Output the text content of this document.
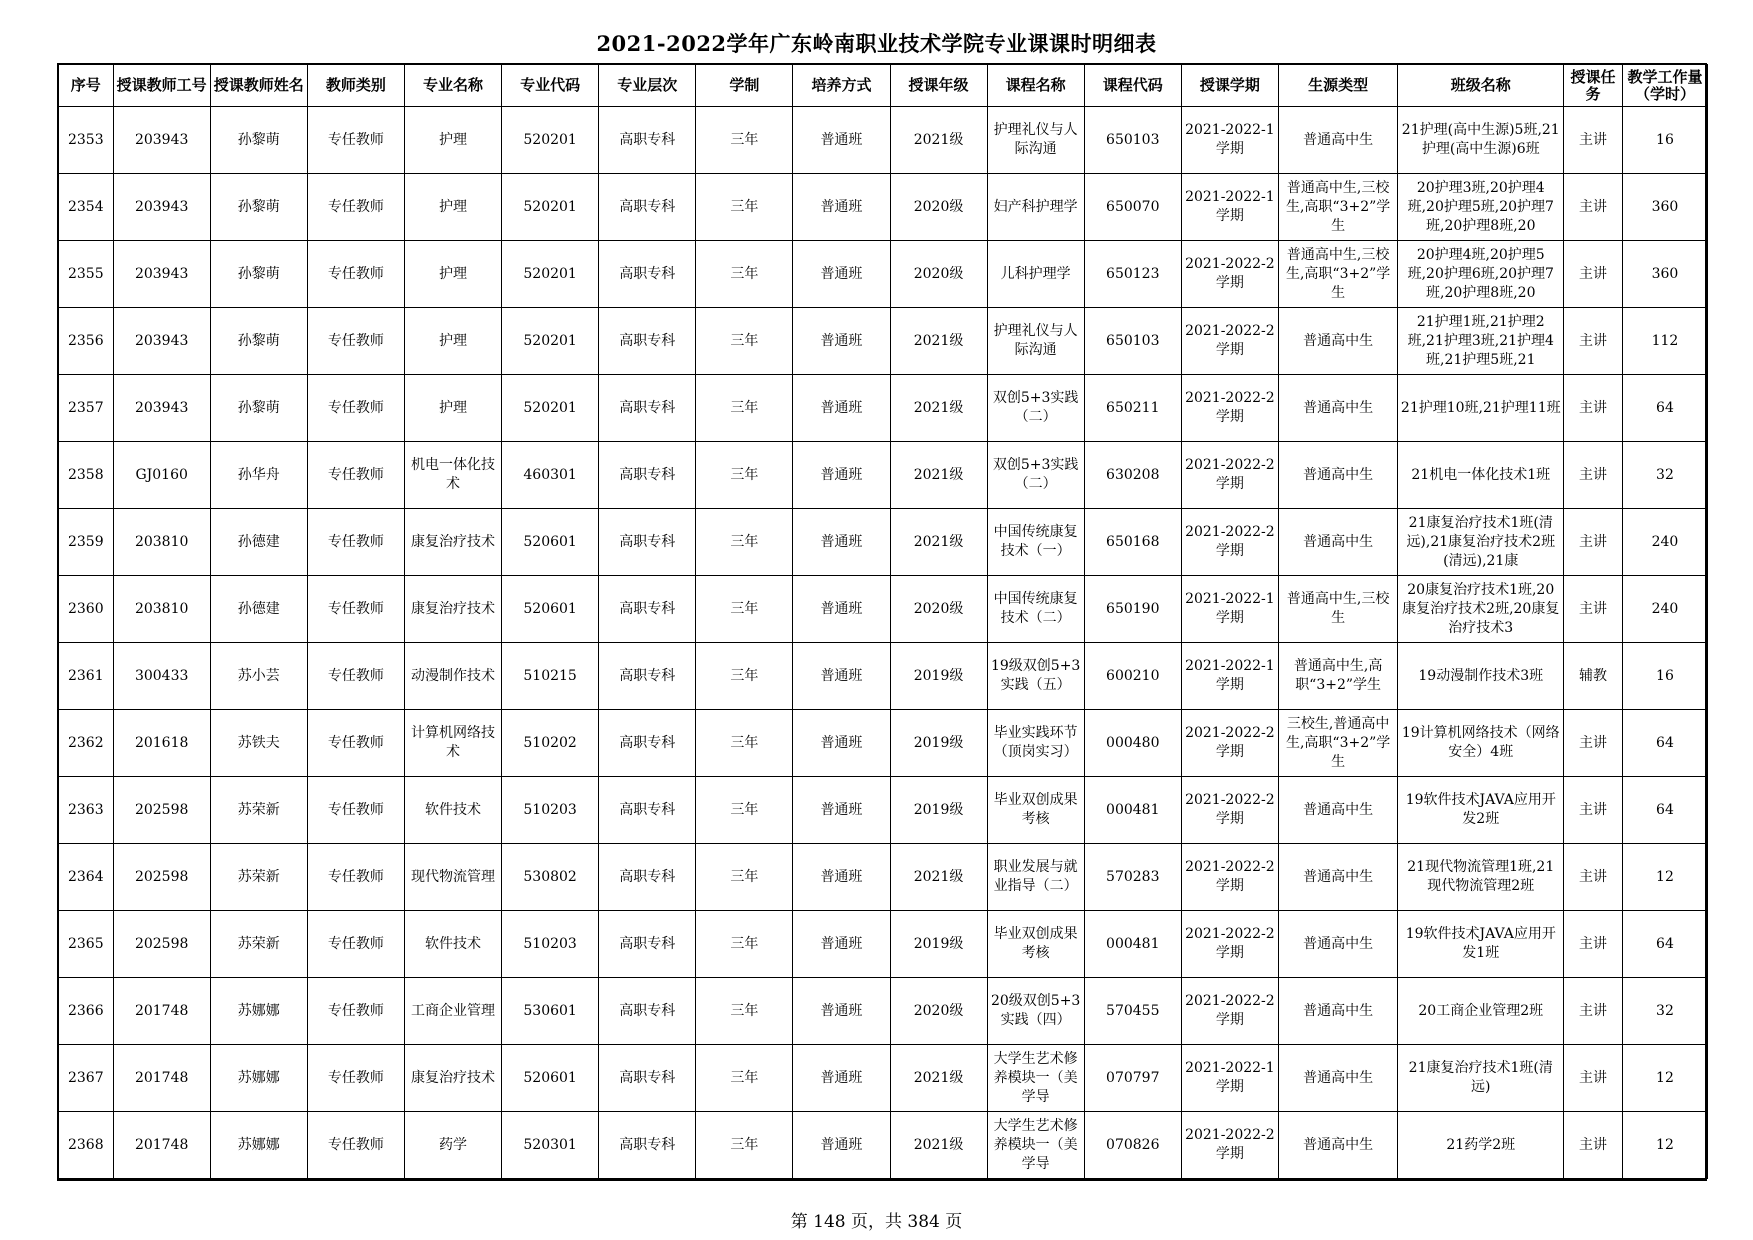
2021-2022学年广东岭南职业技术学院专业课课时明细表
序号	授课教师工号	授课教师姓名	教师类别	专业名称	专业代码	专业层次	学制	培养方式	授课年级	课程名称	课程代码	授课学期	生源类型	班级名称	授课任务	教学工作量（学时）
2353	203943	孙黎萌	专任教师	护理	520201	高职专科	三年	普通班	2021级	护理礼仪与人际沟通	650103	2021-2022-1学期	普通高中生	21护理(高中生源)5班,21护理(高中生源)6班	主讲	16
2354	203943	孙黎萌	专任教师	护理	520201	高职专科	三年	普通班	2020级	妇产科护理学	650070	2021-2022-1学期	普通高中生,三校生,高职“3+2”学生	20护理3班,20护理4班,20护理5班,20护理7班,20护理8班,20	主讲	360
2355	203943	孙黎萌	专任教师	护理	520201	高职专科	三年	普通班	2020级	儿科护理学	650123	2021-2022-2学期	普通高中生,三校生,高职“3+2”学生	20护理4班,20护理5班,20护理6班,20护理7班,20护理8班,20	主讲	360
2356	203943	孙黎萌	专任教师	护理	520201	高职专科	三年	普通班	2021级	护理礼仪与人际沟通	650103	2021-2022-2学期	普通高中生	21护理1班,21护理2班,21护理3班,21护理4班,21护理5班,21	主讲	112
2357	203943	孙黎萌	专任教师	护理	520201	高职专科	三年	普通班	2021级	双创5+3实践（二）	650211	2021-2022-2学期	普通高中生	21护理10班,21护理11班	主讲	64
2358	GJ0160	孙华舟	专任教师	机电一体化技术	460301	高职专科	三年	普通班	2021级	双创5+3实践（二）	630208	2021-2022-2学期	普通高中生	21机电一体化技术1班	主讲	32
2359	203810	孙德建	专任教师	康复治疗技术	520601	高职专科	三年	普通班	2021级	中国传统康复技术（一）	650168	2021-2022-2学期	普通高中生	21康复治疗技术1班(清远),21康复治疗技术2班(清远),21康	主讲	240
2360	203810	孙德建	专任教师	康复治疗技术	520601	高职专科	三年	普通班	2020级	中国传统康复技术（二）	650190	2021-2022-1学期	普通高中生,三校生	20康复治疗技术1班,20康复治疗技术2班,20康复治疗技术3	主讲	240
2361	300433	苏小芸	专任教师	动漫制作技术	510215	高职专科	三年	普通班	2019级	19级双创5+3实践（五）	600210	2021-2022-1学期	普通高中生,高职“3+2”学生	19动漫制作技术3班	辅教	16
2362	201618	苏铁夫	专任教师	计算机网络技术	510202	高职专科	三年	普通班	2019级	毕业实践环节（顶岗实习）	000480	2021-2022-2学期	三校生,普通高中生,高职“3+2”学生	19计算机网络技术（网络安全）4班	主讲	64
2363	202598	苏荣新	专任教师	软件技术	510203	高职专科	三年	普通班	2019级	毕业双创成果考核	000481	2021-2022-2学期	普通高中生	19软件技术JAVA应用开发2班	主讲	64
2364	202598	苏荣新	专任教师	现代物流管理	530802	高职专科	三年	普通班	2021级	职业发展与就业指导（二）	570283	2021-2022-2学期	普通高中生	21现代物流管理1班,21现代物流管理2班	主讲	12
2365	202598	苏荣新	专任教师	软件技术	510203	高职专科	三年	普通班	2019级	毕业双创成果考核	000481	2021-2022-2学期	普通高中生	19软件技术JAVA应用开发1班	主讲	64
2366	201748	苏娜娜	专任教师	工商企业管理	530601	高职专科	三年	普通班	2020级	20级双创5+3实践（四）	570455	2021-2022-2学期	普通高中生	20工商企业管理2班	主讲	32
2367	201748	苏娜娜	专任教师	康复治疗技术	520601	高职专科	三年	普通班	2021级	大学生艺术修养模块一（美学导	070797	2021-2022-1学期	普通高中生	21康复治疗技术1班(清远)	主讲	12
2368	201748	苏娜娜	专任教师	药学	520301	高职专科	三年	普通班	2021级	大学生艺术修养模块一（美学导	070826	2021-2022-2学期	普通高中生	21药学2班	主讲	12
第 148 页，共 384 页
